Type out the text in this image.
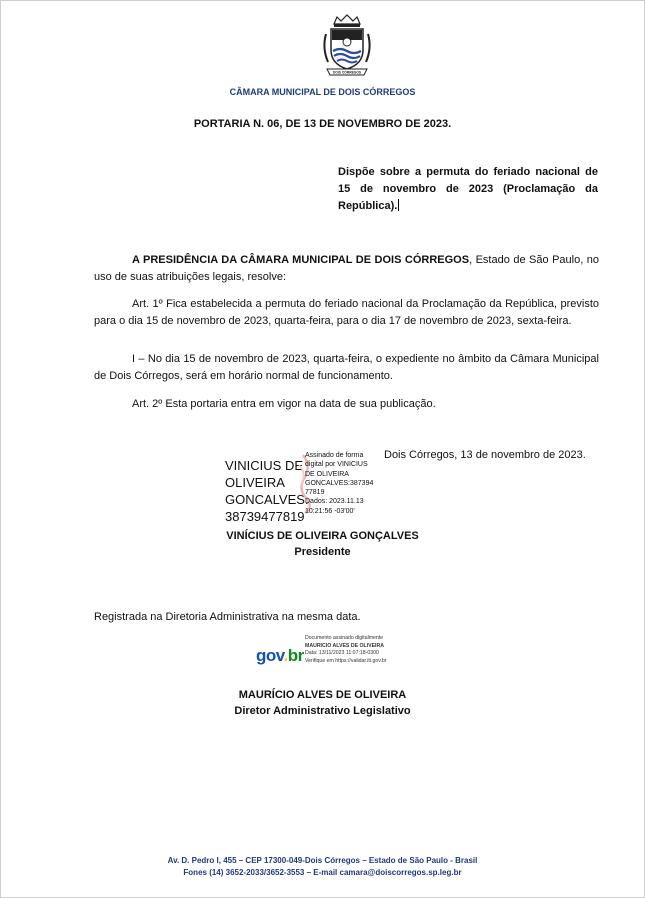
DOIS CÓRREGOS
CÂMARA MUNICIPAL DE DOIS CÓRREGOS
PORTARIA N. 06, DE 13 DE NOVEMBRO DE 2023.
Dispõe sobre a permuta do feriado nacional de 15 de novembro de 2023 (Proclamação da República).
A PRESIDÊNCIA DA CÂMARA MUNICIPAL DE DOIS CÓRREGOS, Estado de São Paulo, no uso de suas atribuições legais, resolve:
Art. 1º Fica estabelecida a permuta do feriado nacional da Proclamação da República, previsto para o dia 15 de novembro de 2023, quarta-feira, para o dia 17 de novembro de 2023, sexta-feira.
I – No dia 15 de novembro de 2023, quarta-feira, o expediente no âmbito da Câmara Municipal de Dois Córregos, será em horário normal de funcionamento.
Art. 2º Esta portaria entra em vigor na data de sua publicação.
Dois Córregos, 13 de novembro de 2023.
VINICIUS DE
OLIVEIRA
GONCALVES:
38739477819
Assinado de forma
digital por VINICIUS
DE OLIVEIRA
GONCALVES:387394
77819
Dados: 2023.11.13
10:21:56 -03'00'
VINÍCIUS DE OLIVEIRA GONÇALVES
Presidente
Registrada na Diretoria Administrativa na mesma data.
gov.br
Documento assinado digitalmente
MAURICIO ALVES DE OLIVEIRA
Data: 13/11/2023 11:07:18-0300
Verifique em https://validar.iti.gov.br
MAURÍCIO ALVES DE OLIVEIRA
Diretor Administrativo Legislativo
Av. D. Pedro I, 455 – CEP 17300-049-Dois Córregos – Estado de São Paulo - Brasil
Fones (14) 3652-2033/3652-3553 – E-mail camara@doiscorregos.sp.leg.br
